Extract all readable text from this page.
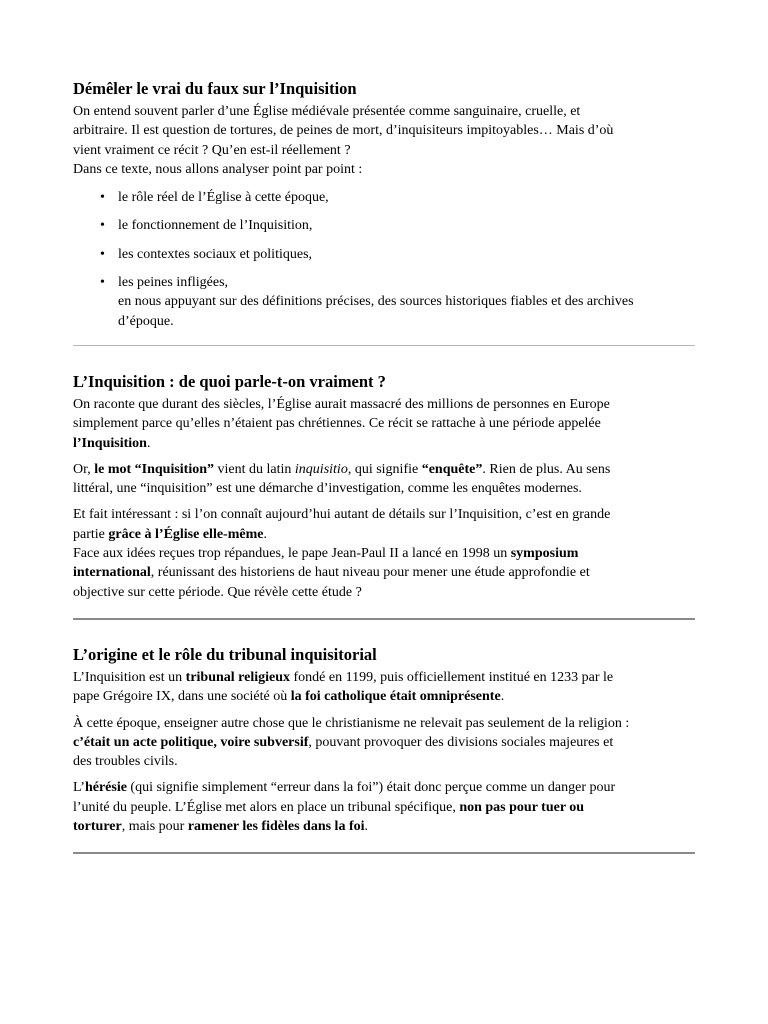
Démêler le vrai du faux sur l’Inquisition

On entend souvent parler d’une Église médiévale présentée comme sanguinaire, cruelle, et

arbitraire. Il est question de tortures, de peines de mort, d’inquisiteurs impitoyables… Mais d’où

vient vraiment ce récit ? Qu’en est-il réellement ?

Dans ce texte, nous allons analyser point par point :

• le rôle réel de l’Église à cette époque,
• le fonctionnement de l’Inquisition,
• les contextes sociaux et politiques,
• les peines infligées,
en nous appuyant sur des définitions précises, des sources historiques fiables et des archives
d’époque.
L’Inquisition : de quoi parle-t-on vraiment ?

On raconte que durant des siècles, l’Église aurait massacré des millions de personnes en Europe

simplement parce qu’elles n’étaient pas chrétiennes. Ce récit se rattache à une période appelée

l’Inquisition.

Or, le mot “Inquisition” vient du latin inquisitio, qui signifie “enquête”. Rien de plus. Au sens

littéral, une “inquisition” est une démarche d’investigation, comme les enquêtes modernes.

Et fait intéressant : si l’on connaît aujourd’hui autant de détails sur l’Inquisition, c’est en grande

partie grâce à l’Église elle-même.

Face aux idées reçues trop répandues, le pape Jean-Paul II a lancé en 1998 un symposium

international, réunissant des historiens de haut niveau pour mener une étude approfondie et

objective sur cette période. Que révèle cette étude ?

L’origine et le rôle du tribunal inquisitorial

L’Inquisition est un tribunal religieux fondé en 1199, puis officiellement institué en 1233 par le

pape Grégoire IX, dans une société où la foi catholique était omniprésente.

À cette époque, enseigner autre chose que le christianisme ne relevait pas seulement de la religion :

c’était un acte politique, voire subversif, pouvant provoquer des divisions sociales majeures et

des troubles civils.

L’hérésie (qui signifie simplement “erreur dans la foi”) était donc perçue comme un danger pour

l’unité du peuple. L’Église met alors en place un tribunal spécifique, non pas pour tuer ou

torturer, mais pour ramener les fidèles dans la foi.
